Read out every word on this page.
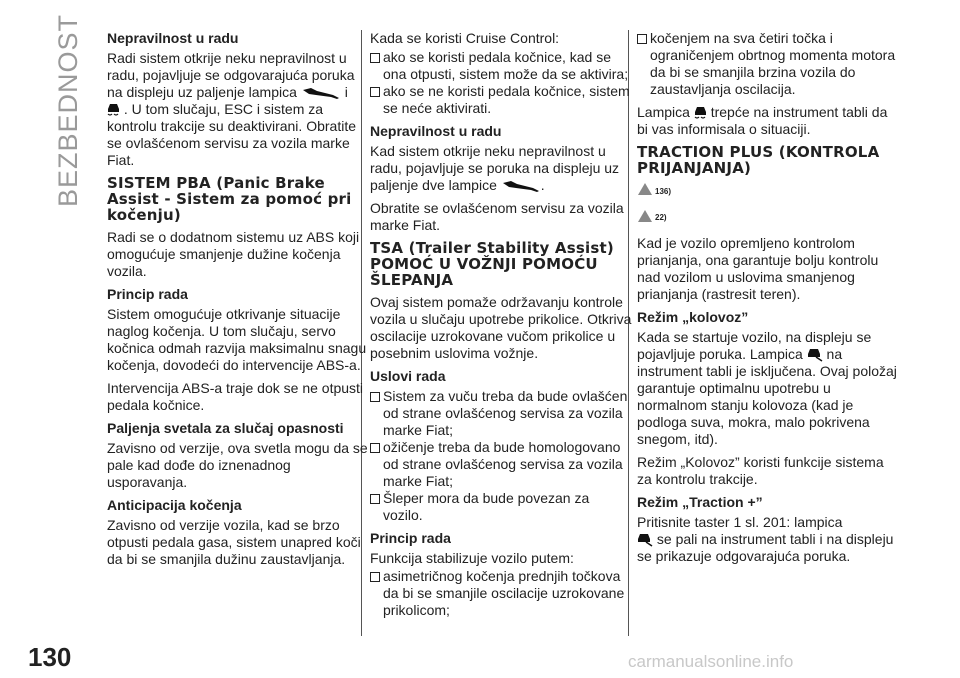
BEZBEDNOST
130
Nepravilnost u radu

Radi sistem otkrije neku nepravilnost u radu, pojavljuje se odgovarajuća poruka na displeju uz paljenje lampica	i

. U tom slučaju, ESC i sistem za kontrolu trakcije su deaktivirani. Obratite se ovlašćenom servisu za vozila marke Fiat.

SISTEM PBA (Panic Brake Assist - Sistem za pomoć pri kočenju)

Radi se o dodatnom sistemu uz ABS koji omogućuje smanjenje dužine kočenja vozila.

Princip rada

Sistem omogućuje otkrivanje situacije naglog kočenja. U tom slučaju, servo kočnica odmah razvija maksimalnu snagu kočenja, dovodeći do intervencije ABS-a.

Intervencija ABS-a traje dok se ne otpusti pedala kočnice.

Paljenja svetala za slučaj opasnosti

Zavisno od verzije, ova svetla mogu da se pale kad dođe do iznenadnog usporavanja.

Anticipacija kočenja

Zavisno od verzije vozila, kad se brzo otpusti pedala gasa, sistem unapred koči da bi se smanjila dužinu zaustavljanja.

Kada se koristi Cruise Control:

ako se koristi pedala kočnice, kad se ona otpusti, sistem može da se aktivira;
ako se ne koristi pedala kočnice, sistem se neće aktivirati.
Nepravilnost u radu

Kad sistem otkrije neku nepravilnost u radu, pojavljuje se poruka na displeju uz paljenje dve lampice	.

Obratite se ovlašćenom servisu za vozila marke Fiat.

TSA (Trailer Stability Assist) POMOĆ U VOŽNJI POMOĆU ŠLEPANJA

Ovaj sistem pomaže održavanju kontrole vozila u slučaju upotrebe prikolice. Otkriva oscilacije uzrokovane vučom prikolice u posebnim uslovima vožnje.

Uslovi rada
Sistem za vuču treba da bude ovlašćen od strane ovlašćenog servisa za vozila marke Fiat;
ožičenje treba da bude homologovano od strane ovlašćenog servisa za vozila marke Fiat;
Šleper mora da bude povezan za vozilo.
Princip rada

Funkcija stabilizuje vozilo putem:

asimetričnog kočenja prednjih točkova da bi se smanjile oscilacije uzrokovane prikolicom;
kočenjem na sva četiri točka i ograničenjem obrtnog momenta motora da bi se smanjila brzina vozila do zaustavljanja oscilacija.

Lampica trepće na instrument tabli da bi vas informisala o situaciji.

TRACTION PLUS (KONTROLA PRIJANJANJA)
136)
22)

Kad je vozilo opremljeno kontrolom prianjanja, ona garantuje bolju kontrolu nad vozilom u uslovima smanjenog prianjanja (rastresit teren).

Režim „kolovoz”

Kada se startuje vozilo, na displeju se pojavljuje poruka. Lampica na instrument tabli je isključena. Ovaj položaj garantuje optimalnu upotrebu u normalnom stanju kolovoza (kad je podloga suva, mokra, malo pokrivena snegom, itd).

Režim „Kolovoz” koristi funkcije sistema za kontrolu trakcije.

Režim „Traction +”

Pritisnite taster 1 sl. 201: lampica

se pali na instrument tabli i na displeju se prikazuje odgovarajuća poruka.

carmanualsonline.info
